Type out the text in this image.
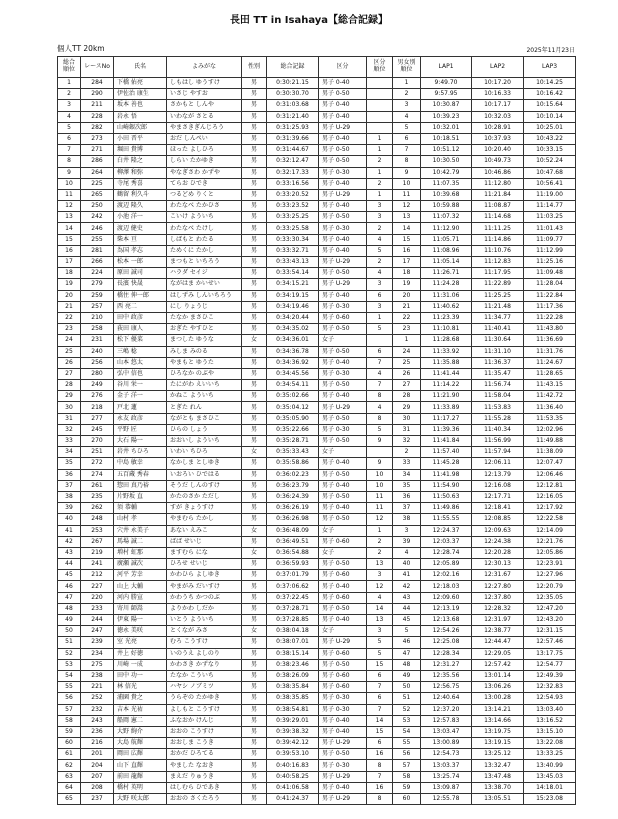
長田 TT in Isahaya【総合記録】
個人TT 20km	2025年11月23日
総合
順位	レースNo	氏名	よみがな	性別	総合記録	区分	区分
順位	男女別
順位	LAP1	LAP2	LAP3
1	284	下橋 佑亮	しもはし ゆうすけ	男	0:30:21.15	男子 0-40		1	9:49.70	10:17.20	10:14.25
2	290	伊佐治 康生	いさじ やすお	男	0:30:30.70	男子 0-50		2	9:57.95	10:16.33	10:16.42
3	211	坂本 善也	さかもと しんや	男	0:31:03.68	男子 0-40		3	10:30.87	10:17.17	10:15.64
4	228	岩永 悟	いわなが さとる	男	0:31:21.40	男子 0-40		4	10:39.23	10:32.03	10:10.14
5	282	山崎銀次郎	やまさきぎんじろう	男	0:31:25.93	男子 U-29		5	10:32.01	10:28.91	10:25.01
6	273	小田 晋平	おだ しんぺい	男	0:31:39.66	男子 0-40	1	6	10:18.51	10:37.93	10:43.22
7	271	堀田 貴博	ほった よしひろ	男	0:31:44.67	男子 0-50	1	7	10:51.12	10:20.40	10:33.15
8	286	白井 隆之	しらい たかゆき	男	0:32:12.47	男子 0-50	2	8	10:30.50	10:49.73	10:52.24
9	264	柳澤 和弥	やなぎさわ かずや	男	0:32:17.33	男子 0-30	1	9	10:42.79	10:46.86	10:47.68
10	225	寺尾 秀喜	てらお ひでき	男	0:33:16.56	男子 0-40	2	10	11:07.35	11:12.80	10:56.41
11	265	鶴留 利久斗	つるどめ りくと	男	0:33:20.52	男子 U-29	1	11	10:39.68	11:21.84	11:19.00
12	250	渡辺 隆久	わたなべ たかひさ	男	0:33:23.52	男子 0-40	3	12	10:59.88	11:08.87	11:14.77
13	242	小池 洋一	こいけ よういち	男	0:33:25.25	男子 0-50	3	13	11:07.32	11:14.68	11:03.25
14	246	渡辺 健史	わたなべ たけし	男	0:33:25.58	男子 0-30	2	14	11:12.90	11:11.25	11:01.43
15	255	柴本 亘	しばもと わたる	男	0:33:30.34	男子 0-40	4	15	11:05.71	11:14.86	11:09.77
16	281	為国 孝志	ためくに たかし	男	0:33:32.71	男子 0-40	5	16	11:08.96	11:10.76	11:12.99
17	266	松本 一郎	まつもと いちろう	男	0:33:43.13	男子 U-29	2	17	11:05.14	11:12.83	11:25.16
18	224	原田 誠司	ハラダ セイジ	男	0:33:54.14	男子 0-50	4	18	11:26.71	11:17.95	11:09.48
19	279	長濱 快晟	ながはま かいせい	男	0:34:15.21	男子 U-29	3	19	11:24.28	11:22.89	11:28.04
20	259	橋住 伸一郎	はしずみ しんいちろう	男	0:34:19.15	男子 0-40	6	20	11:31.06	11:25.25	11:22.84
21	257	西 亮二	にし りょうじ	男	0:34:19.46	男子 0-30	3	21	11:40.62	11:21.48	11:17.36
22	210	田中 政彦	たなか まさひこ	男	0:34:20.44	男子 0-60	1	22	11:23.39	11:34.77	11:22.28
23	258	荻田 康人	おぎた やすひと	男	0:34:35.02	男子 0-50	5	23	11:10.81	11:40.41	11:43.80
24	231	松下 優菜	まつした ゆうな	女	0:34:36.01	女子		1	11:28.68	11:30.64	11:36.69
25	240	三嶋 稔	みしま みのる	男	0:34:36.78	男子 0-50	6	24	11:33.92	11:31.10	11:31.76
26	256	山本 悠太	やまもと ゆうた	男	0:34:36.92	男子 0-40	7	25	11:35.88	11:36.37	11:24.67
27	280	弘中 信也	ひろなか のぶや	男	0:34:45.56	男子 0-30	4	26	11:41.44	11:35.47	11:28.65
28	249	谷川 栄一	たにがわ えいいち	男	0:34:54.11	男子 0-50	7	27	11:14.22	11:56.74	11:43.15
29	276	金子 洋一	かねこ よういち	男	0:35:02.66	男子 0-40	8	28	11:21.90	11:58.04	11:42.72
30	218	戸北 蓮	とぎた れん	男	0:35:04.12	男子 U-29	4	29	11:33.89	11:53.83	11:36.40
31	277	永友 政彦	ながとも まさひこ	男	0:35:05.90	男子 0-50	8	30	11:17.27	11:55.28	11:53.35
32	245	平野 匠	ひらの しょう	男	0:35:22.66	男子 0-30	5	31	11:39.36	11:40.34	12:02.96
33	270	大石 陽一	おおいし よういち	男	0:35:28.71	男子 0-50	9	32	11:41.84	11:56.99	11:49.88
34	251	岩井 ちひろ	いわい ちひろ	女	0:35:33.43	女子		2	11:57.40	11:57.94	11:38.09
35	272	中島 敏幸	なかしま としゆき	男	0:35:58.86	男子 0-40	9	33	11:45.28	12:06.11	12:07.47
36	274	五百蔵 秀春	いおろい ひではる	男	0:36:02.23	男子 0-50	10	34	11:41.98	12:13.79	12:06.46
37	261	惣田 真乃裕	そうだ しんのすけ	男	0:36:23.79	男子 0-40	10	35	11:54.90	12:16.08	12:12.81
38	235	片野坂 直	かたのさか ただし	男	0:36:24.39	男子 0-50	11	36	11:50.63	12:17.71	12:16.05
39	262	須 恭輔	すが きょうすけ	男	0:36:26.19	男子 0-40	11	37	11:49.86	12:18.41	12:17.92
40	248	山村 孝	やまむら たかし	男	0:36:26.98	男子 0-50	12	38	11:55.55	12:08.85	12:22.58
41	253	穴井 永美子	あない えみこ	女	0:36:48.09	女子	1	3	12:24.37	12:09.63	12:14.09
42	267	馬場 誠二	ばば せいじ	男	0:36:49.51	男子 0-60	2	39	12:03.37	12:24.38	12:21.76
43	219	増村 虹那	ますむら にな	女	0:36:54.88	女子	2	4	12:28.74	12:20.28	12:05.86
44	241	廣瀬 誠次	ひろせ せいじ	男	0:36:59.93	男子 0-50	13	40	12:05.89	12:30.13	12:23.91
45	212	河平 芳幸	かわひら よしゆき	男	0:37:01.79	男子 0-60	3	41	12:02.16	12:31.67	12:27.96
46	227	山上 大輔	やまがみ だいすけ	男	0:37:06.62	男子 0-40	12	42	12:18.03	12:27.80	12:20.79
47	220	河内 勝宣	かわうち かつのぶ	男	0:37:22.45	男子 0-60	4	43	12:09.60	12:37.80	12:35.05
48	233	寄川 師嵩	よりかわ しだか	男	0:37:28.71	男子 0-50	14	44	12:13.19	12:28.32	12:47.20
49	244	伊東 陽一	いとう よういち	男	0:37:28.85	男子 0-40	13	45	12:13.68	12:31.97	12:43.20
50	247	徳永 美咲	とくなが みさ	女	0:38:04.18	女子	3	5	12:54.26	12:38.77	12:31.15
51	239	室 光亮	むろ こうすけ	男	0:38:07.01	男子 U-29	5	46	12:25.08	12:44.47	12:57.46
52	234	井上 好徳	いのうえ よしのり	男	0:38:15.14	男子 0-60	5	47	12:28.34	12:29.05	13:17.75
53	275	川崎 一成	かわさき かずなり	男	0:38:23.46	男子 0-50	15	48	12:31.27	12:57.42	12:54.77
54	238	田中 功一	たなか こういち	男	0:38:26.09	男子 0-60	6	49	12:35.56	13:01.14	12:49.39
55	221	林 信光	ハヤシ ノブミツ	男	0:38:35.84	男子 0-60	7	50	12:56.75	13:06.26	12:32.83
56	252	浦園 貴之	うらぞの たかゆき	男	0:38:35.85	男子 0-30	6	51	12:40.64	13:00.28	12:54.93
57	232	吉本 光祐	よしもと こうすけ	男	0:38:54.81	男子 0-30	7	52	12:37.20	13:14.21	13:03.40
58	243	船岡 憲二	ふなおか けんじ	男	0:39:29.01	男子 0-40	14	53	12:57.83	13:14.66	13:16.52
59	236	大野 絢介	おおの こうすけ	男	0:39:38.32	男子 0-40	15	54	13:03.47	13:19.75	13:15.10
60	216	大島 航輝	おおしま こうき	男	0:39:42.12	男子 U-29	6	55	13:00.89	13:19.15	13:22.08
61	201	岡田 広輝	おかだ ひろてる	男	0:39:53.10	男子 0-50	16	56	12:54.73	13:25.12	13:33.25
62	204	山下 直輝	やました なおき	男	0:40:16.83	男子 0-30	8	57	13:03.37	13:32.47	13:40.99
63	207	前田 龍輝	まえだ りゅうき	男	0:40:58.25	男子 U-29	7	58	13:25.74	13:47.48	13:45.03
64	208	橋村 英明	はしむら ひであき	男	0:41:06.58	男子 0-40	16	59	13:09.87	13:38.70	14:18.01
65	237	大野 咲太郎	おおの さくたろう	男	0:41:24.37	男子 U-29	8	60	12:55.78	13:05.51	15:23.08
